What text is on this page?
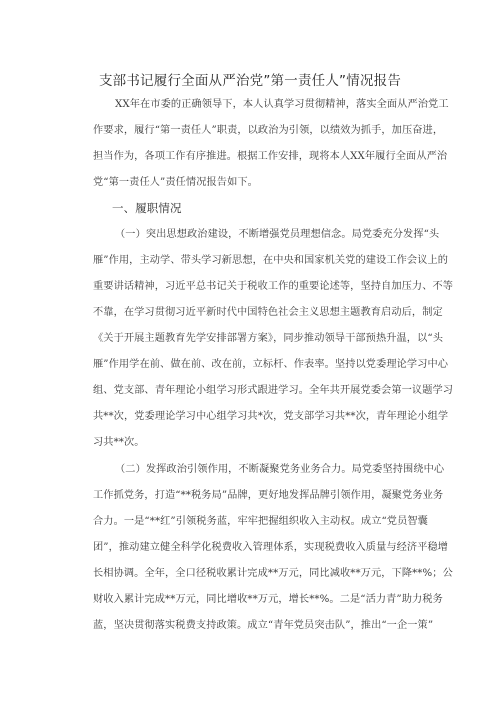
支部书记履行全面从严治党”第一责任人”情况报告
XX年在市委的正确领导下，本人认真学习贯彻精神，落实全面从严治党工
作要求，履行“第一责任人”职责，以政治为引领，以绩效为抓手，加压奋进，
担当作为，各项工作有序推进。根据工作安排，现将本人XX年履行全面从严治
党“第一责任人”责任情况报告如下。
一、履职情况
（一）突出思想政治建设，不断增强党员理想信念。局党委充分发挥“头
雁”作用，主动学、带头学习新思想，在中央和国家机关党的建设工作会议上的
重要讲话精神，习近平总书记关于税收工作的重要论述等，坚持自加压力、不等
不靠，在学习贯彻习近平新时代中国特色社会主义思想主题教育启动后，制定
《关于开展主题教育先学安排部署方案》，同步推动领导干部预热升温，以“头
雁”作用学在前、做在前、改在前，立标杆、作表率。坚持以党委理论学习中心
组、党支部、青年理论小组学习形式跟进学习。全年共开展党委会第一议题学习
共**次，党委理论学习中心组学习共*次，党支部学习共**次，青年理论小组学
习共**次。
（二）发挥政治引领作用，不断凝聚党务业务合力。局党委坚持围绕中心
工作抓党务，打造“**税务局”品牌，更好地发挥品牌引领作用，凝聚党务业务
合力。一是“**红”引领税务蓝，牢牢把握组织收入主动权。成立“党员智囊
团”，推动建立健全科学化税费收入管理体系，实现税费收入质量与经济平稳增
长相协调。全年，全口径税收累计完成**万元，同比减收**万元，下降**%；公
财收入累计完成**万元，同比增收**万元，增长**%。二是“活力青”助力税务
蓝，坚决贯彻落实税费支持政策。成立“青年党员突击队”，推出“一企一策”
